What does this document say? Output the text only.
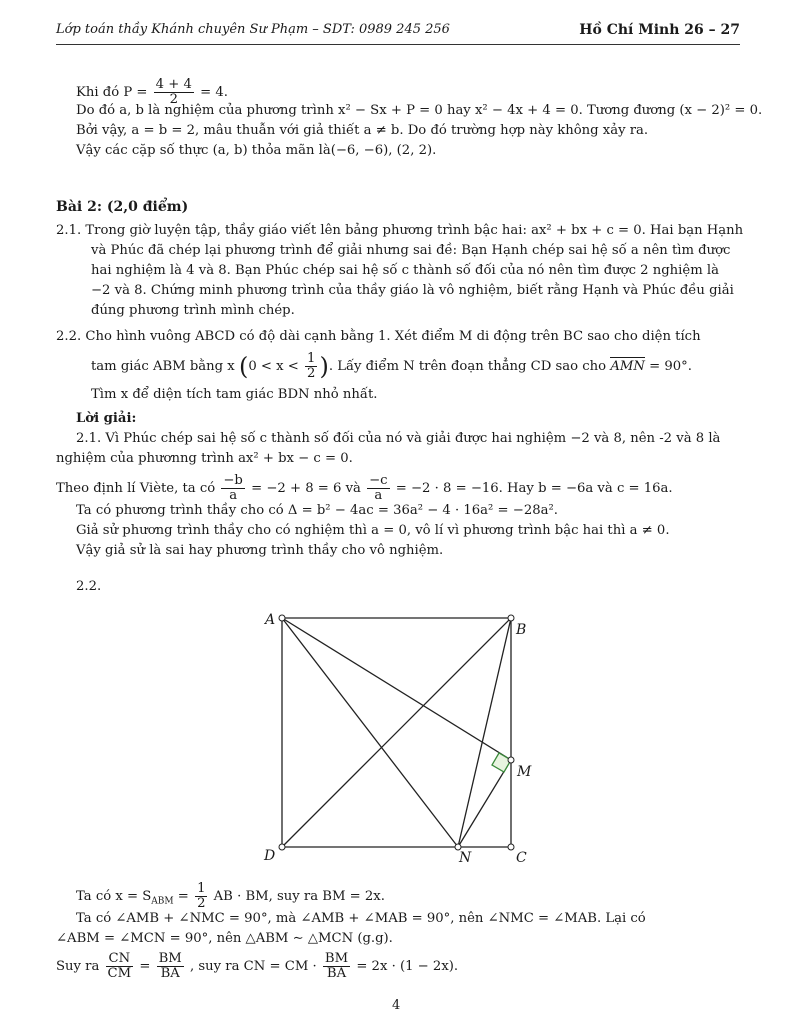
Lớp toán thầy Khánh chuyên Sư Phạm – SDT: 0989 245 256	Hồ Chí Minh 26 – 27
Khi đó $P = \frac{4 + 4}{2} = 4$.
Do đó a, b là nghiệm của phương trình x² − Sx + P = 0 hay x² − 4x + 4 = 0. Tương đương (x − 2)² = 0.
Bởi vậy, a = b = 2, mâu thuẫn với giả thiết a ≠ b. Do đó trường hợp này không xảy ra.
Vậy các cặp số thực (a, b) thỏa mãn là(−6, −6), (2, 2).
Bài 2: (2,0 điểm)
2.1. Trong giờ luyện tập, thầy giáo viết lên bảng phương trình bậc hai: ax² + bx + c = 0. Hai bạn Hạnh
và Phúc đã chép lại phương trình để giải nhưng sai đề: Bạn Hạnh chép sai hệ số a nên tìm được
hai nghiệm là 4 và 8. Bạn Phúc chép sai hệ số c thành số đối của nó nên tìm được 2 nghiệm là
−2 và 8. Chứng minh phương trình của thầy giáo là vô nghiệm, biết rằng Hạnh và Phúc đều giải
đúng phương trình mình chép.
2.2. Cho hình vuông ABCD có độ dài cạnh bằng 1. Xét điểm M di động trên BC sao cho diện tích
tam giác ABM bằng x ($0 < x < \frac{1}{2}$ ). Lấy điểm N trên đoạn thẳng CD sao cho AMN = 90°.
Tìm x để diện tích tam giác BDN nhỏ nhất.
Lời giải:
2.1. Vì Phúc chép sai hệ số c thành số đối của nó và giải được hai nghiệm −2 và 8, nên -2 và 8 là
nghiệm của phươnng trình ax² + bx − c = 0.
Theo định lí Viète, ta có $\frac{-b}{a} = -2 + 8 = 6$ và $\frac{-c}{a} = -2 \cdot 8 = -16$. Hay b = −6a và c = 16a.
Ta có phương trình thầy cho có Δ = b² − 4ac = 36a² − 4 · 16a² = −28a².
Giả sử phương trình thầy cho có nghiệm thì a = 0, vô lí vì phương trình bậc hai thì a ≠ 0.
Vậy giả sử là sai hay phương trình thầy cho vô nghiệm.
2.2.
A
B
C
D
M
N
Ta có $x = S_{ABM} = \frac{1}{2}$ AB · BM, suy ra BM = 2x.
Ta có ∠AMB + ∠NMC = 90°, mà ∠AMB + ∠MAB = 90°, nên ∠NMC = ∠MAB. Lại có
∠ABM = ∠MCN = 90°, nên △ABM ∼ △MCN (g.g).
Suy ra $\frac{CN}{CM} = \frac{BM}{BA}$ , suy ra CN = CM · $\frac{BM}{BA} = 2x \cdot (1 - 2x)$.
4
